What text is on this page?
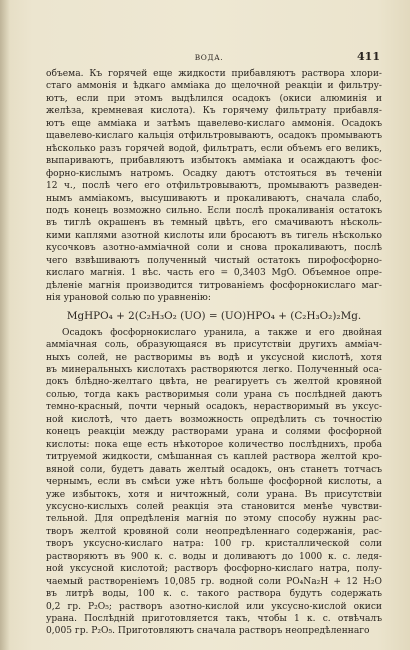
ВОДА.	411
объема. Къ горячей еще жидкости прибавляютъ раствора хлори-
стаго аммонія и ѣдкаго аммiака до щелочной реакціи и фильтру-
ютъ, если при этомъ выдѣлился осадокъ (окиси алюминія и
желѣза, кремневая кислота). Къ горячему фильтрату прибавля-
ютъ еще аммiака и затѣмъ щавелево-кислаго аммонія. Осадокъ
щавелево-кислаго кальція отфильтровываютъ, осадокъ промываютъ
нѣсколько разъ горячей водой, фильтратъ, если объемъ его великъ,
выпариваютъ, прибавляютъ избытокъ аммiака и осаждаютъ фос-
форно-кислымъ натромъ. Осадку даютъ отстояться въ теченіи
12 ч., послѣ чего его отфильтровываютъ, промываютъ разведен-
нымъ аммiакомъ, высушиваютъ и прокаливаютъ, сначала слабо,
подъ конецъ возможно сильно. Если послѣ прокаливанія остатокъ
въ тиглѣ окрашенъ въ темный цвѣтъ, его смачиваютъ нѣсколь-
кими каплями азотной кислоты или бросаютъ въ тигель нѣсколько
кусочковъ азотно-аммiачной соли и снова прокаливаютъ, послѣ
чего взвѣшиваютъ полученный чистый остатокъ пирофосфорно-
кислаго магнія. 1 вѣс. часть его = 0,3403 MgO. Объемное опре-
дѣленіе магнія производится титрованіемъ фосфорнокислаго маг-
нія урановой солью по уравненію:
MgHPO₄ + 2(C₂H₃O₂ (UO) = (UO)HPO₄ + (C₂H₃O₂)₂Mg.
Осадокъ фосфорнокислаго уранила, а также и его двойная
аммiачная соль, образующаяся въ присутствіи другихъ аммiач-
ныхъ солей, не растворимы въ водѣ и уксусной кислотѣ, хотя
въ минеральныхъ кислотахъ растворяются легко. Полученный оса-
докъ блѣдно-желтаго цвѣта, не реагируетъ съ желтой кровяной
солью, тогда какъ растворимыя соли урана съ послѣдней даютъ
темно-красный, почти черный осадокъ, нерастворимый въ уксус-
ной кислотѣ, что даетъ возможность опредѣлить съ точностію
конецъ реакціи между растворами урана и солями фосфорной
кислоты: пока еще есть нѣкоторое количество послѣднихъ, проба
титруемой жидкости, смѣшанная съ каплей раствора желтой кро-
вяной соли, будетъ давать желтый осадокъ, онъ станетъ тотчасъ
чернымъ, если въ смѣси уже нѣтъ больше фосфорной кислоты, а
уже избытокъ, хотя и ничтожный, соли урана. Въ присутствіи
уксусно-кислыхъ солей реакція эта становится менѣе чувстви-
тельной. Для опредѣленія магнія по этому способу нужны рас-
творъ желтой кровяной соли неопредѣленнаго содержанія, рас-
творъ уксусно-кислаго натра: 100 гр. кристаллической соли
растворяютъ въ 900 к. с. воды и доливаютъ до 1000 к. с. ледя-
ной уксусной кислотой; растворъ фосфорно-кислаго натра, полу-
чаемый растворенiемъ 10,085 гр. водной соли PO₄Na₂H + 12 H₂O
въ литрѣ воды, 100 к. с. такого раствора будутъ содержать
0,2 гр. P₂O₅; растворъ азотно-кислой или уксусно-кислой окиси
урана. Послѣдній приготовляется такъ, чтобы 1 к. с. отвѣчалъ
0,005 гр. P₂O₅. Приготовляютъ сначала растворъ неопредѣленнаго
